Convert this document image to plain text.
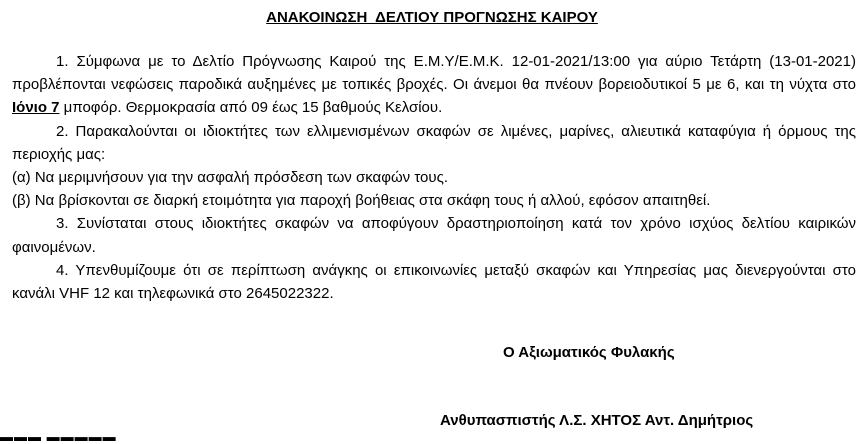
ΑΝΑΚΟΙΝΩΣΗ  ΔΕΛΤΙΟΥ ΠΡΟΓΝΩΣΗΣ ΚΑΙΡΟΥ

1. Σύμφωνα με το Δελτίο Πρόγνωσης Καιρού της Ε.Μ.Υ/Ε.Μ.Κ. 12-01-2021/13:00 για αύριο Τετάρτη (13-01-2021) προβλέπονται νεφώσεις παροδικά αυξημένες με τοπικές βροχές. Οι άνεμοι θα πνέουν βορειοδυτικοί 5 με 6, και τη νύχτα στο Ιόνιο 7 μποφόρ. Θερμοκρασία από 09 έως 15 βαθμούς Κελσίου.

2. Παρακαλούνται οι ιδιοκτήτες των ελλιμενισμένων σκαφών σε λιμένες, μαρίνες, αλιευτικά καταφύγια ή όρμους της περιοχής μας:

(α) Να μεριμνήσουν για την ασφαλή πρόσδεση των σκαφών τους.

(β) Να βρίσκονται σε διαρκή ετοιμότητα για παροχή βοήθειας στα σκάφη τους ή αλλού, εφόσον απαιτηθεί.

3. Συνίσταται στους ιδιοκτήτες σκαφών να αποφύγουν δραστηριοποίηση κατά τον χρόνο ισχύος δελτίου καιρικών φαινομένων.

4. Υπενθυμίζουμε ότι σε περίπτωση ανάγκης οι επικοινωνίες μεταξύ σκαφών και Υπηρεσίας μας διενεργούνται στο κανάλι VHF 12 και τηλεφωνικά στο 2645022322.

Ο Αξιωματικός Φυλακής
Ανθυπασπιστής Λ.Σ. ΧΗΤΟΣ Αντ. Δημήτριος
▬▬▬ ▬▬▬▬▬
